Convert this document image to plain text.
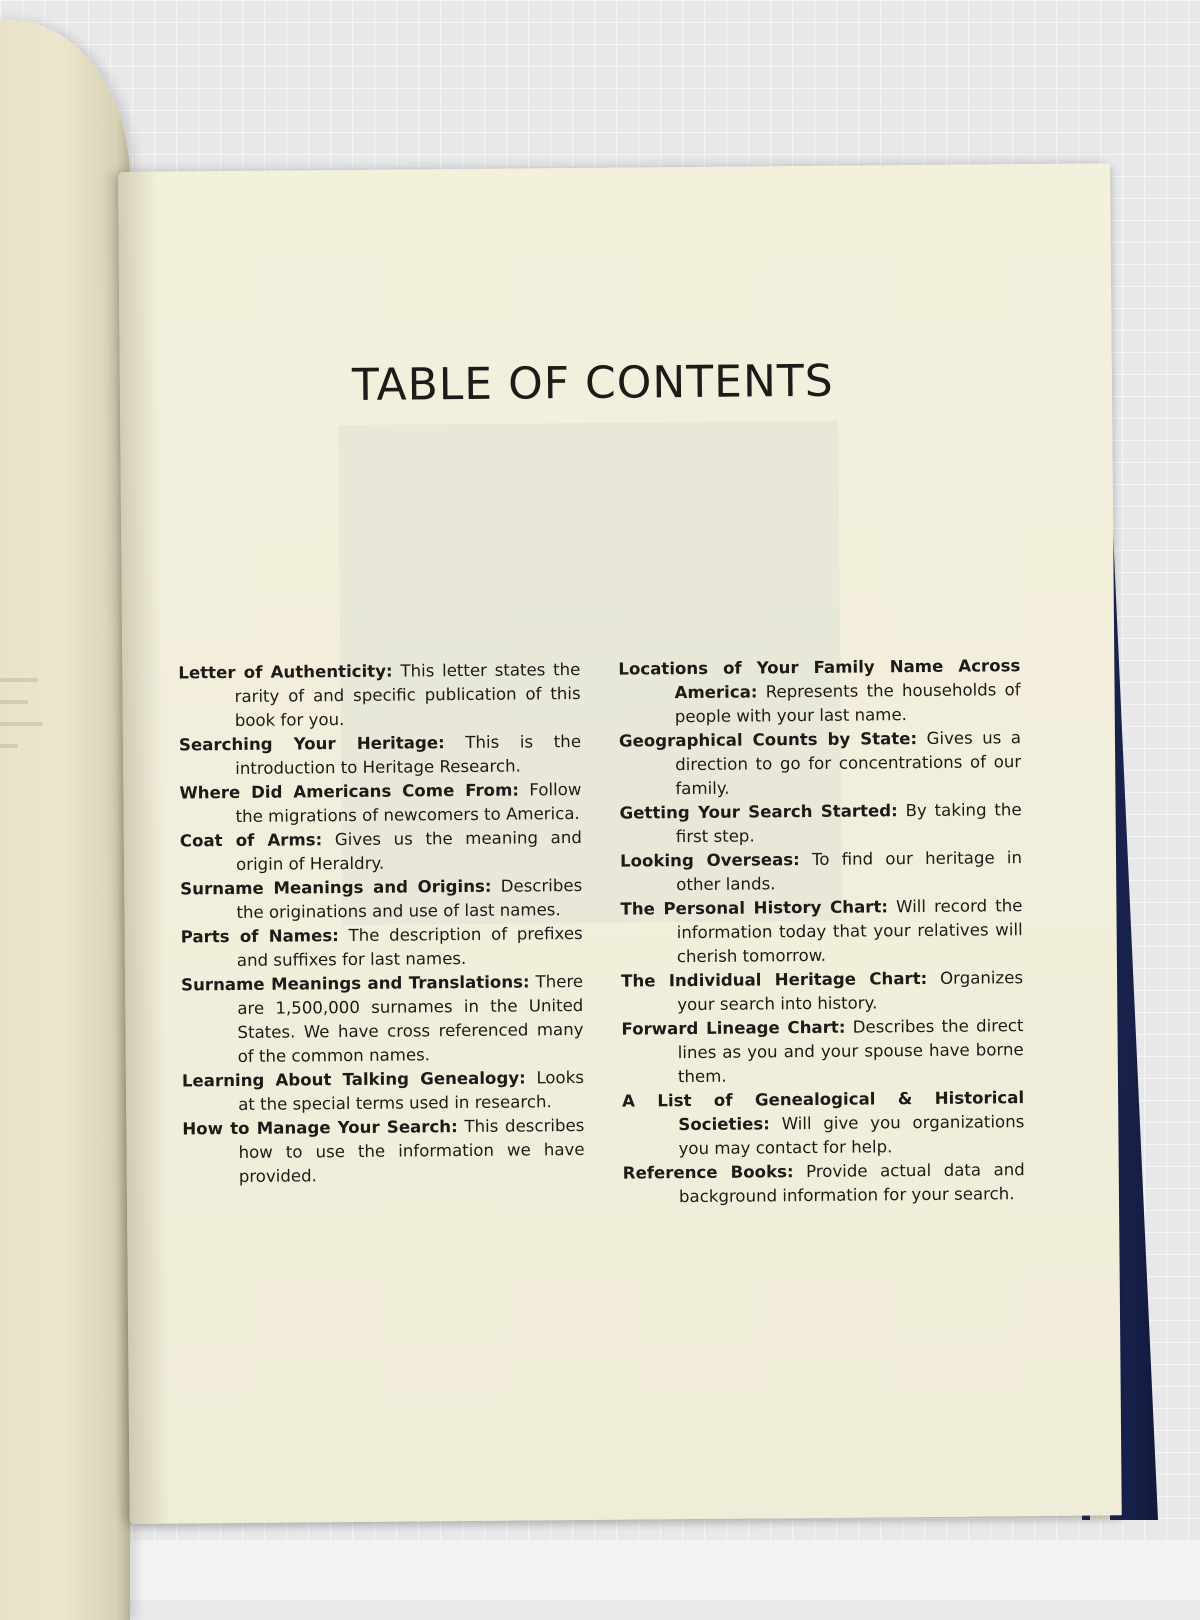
TABLE OF CONTENTS

Letter of Authenticity: This letter states the rarity of and specific publication of this book for you.

Searching Your Heritage: This is the introduction to Heritage Research.

Where Did Americans Come From: Follow the migrations of newcomers to America.

Coat of Arms: Gives us the meaning and origin of Heraldry.

Surname Meanings and Origins: Describes the originations and use of last names.

Parts of Names: The description of prefixes and suffixes for last names.

Surname Meanings and Translations: There are 1,500,000 surnames in the United States. We have cross referenced many of the common names.

Learning About Talking Genealogy: Looks at the special terms used in research.

How to Manage Your Search: This describes how to use the information we have provided.

Locations of Your Family Name Across America: Represents the households of people with your last name.

Geographical Counts by State: Gives us a direction to go for concentrations of our family.

Getting Your Search Started: By taking the first step.

Looking Overseas: To find our heritage in other lands.

The Personal History Chart: Will record the information today that your relatives will cherish tomorrow.

The Individual Heritage Chart: Organizes your search into history.

Forward Lineage Chart: Describes the direct lines as you and your spouse have borne them.

A List of Genealogical & Historical Societies: Will give you organizations you may contact for help.

Reference Books: Provide actual data and background information for your search.
